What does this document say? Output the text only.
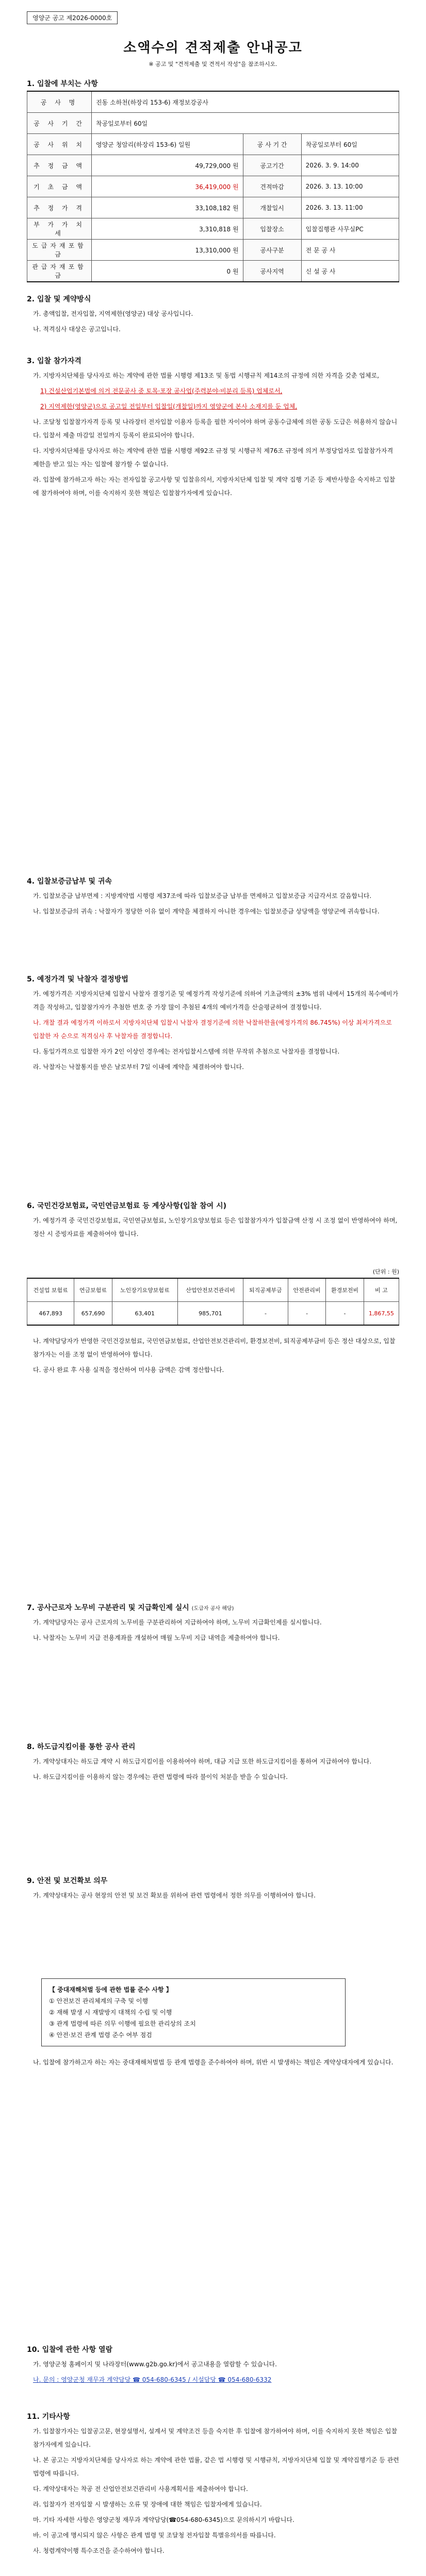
영양군 공고 제2026-0000호
소액수의 견적제출 안내공고
※ 공고 및 "견적제출 및 견적서 작성"을 참조하시오.
1. 입찰에 부치는 사항
공 사 명	진동 소하천(하장리 153-6) 재정보강공사		
공 사 기 간	착공일로부터 60일		
공 사 위 치	영양군 청암리(하장리 153-6) 일원	공 사 기 간	착공일로부터 60일
추 정 금 액	49,729,000 원	공고기간	2026. 3. 9. 14:00
기 초 금 액	36,419,000 원	견적마감	2026. 3. 13. 10:00
추 정 가 격	33,108,182 원	개찰일시	2026. 3. 13. 11:00
부 가 가 치 세	3,310,818 원	입찰장소	입찰집행관 사무실PC
도급자재포함금	13,310,000 원	공사구분	전 문 공 사
관급자재포함금	0 원	공사지역	신 설 공 사
2. 입찰 및 계약방식

가. 총액입찰, 전자입찰, 지역제한(영양군) 대상 공사입니다.

나. 적격심사 대상은 공고입니다.

3. 입찰 참가자격

가. 지방자치단체를 당사자로 하는 계약에 관한 법률 시행령 제13조 및 동법 시행규칙 제14조의 규정에 의한 자격을 갖춘 업체로,

1) 건설산업기본법에 의거 전문공사 중 토목·포장 공사업(주력분야·비분리 등록) 업체로서,

2) 지역제한(영양군)으로 공고일 전일부터 입찰일(개찰일)까지 영양군에 본사 소재지를 둔 업체,

나. 조달청 입찰참가자격 등록 및 나라장터 전자입찰 이용자 등록을 필한 자이어야 하며 공동수급체에 의한 공동 도급은 허용하지 않습니다. 입찰서 제출 마감일 전일까지 등록이 완료되어야 합니다.

다. 지방자치단체를 당사자로 하는 계약에 관한 법률 시행령 제92조 규정 및 시행규칙 제76조 규정에 의거 부정당업자로 입찰참가자격 제한을 받고 있는 자는 입찰에 참가할 수 없습니다.

라. 입찰에 참가하고자 하는 자는 전자입찰 공고사항 및 입찰유의서, 지방자치단체 입찰 및 계약 집행 기준 등 제반사항을 숙지하고 입찰에 참가하여야 하며, 이를 숙지하지 못한 책임은 입찰참가자에게 있습니다.

4. 입찰보증금납부 및 귀속

가. 입찰보증금 납부면제 : 지방계약법 시행령 제37조에 따라 입찰보증금 납부를 면제하고 입찰보증금 지급각서로 갈음합니다.

나. 입찰보증금의 귀속 : 낙찰자가 정당한 이유 없이 계약을 체결하지 아니한 경우에는 입찰보증금 상당액을 영양군에 귀속합니다.

5. 예정가격 및 낙찰자 결정방법

가. 예정가격은 지방자치단체 입찰시 낙찰자 결정기준 및 예정가격 작성기준에 의하여 기초금액의 ±3% 범위 내에서 15개의 복수예비가격을 작성하고, 입찰참가자가 추첨한 번호 중 가장 많이 추첨된 4개의 예비가격을 산술평균하여 결정합니다.

나. 개찰 결과 예정가격 이하로서 지방자치단체 입찰시 낙찰자 결정기준에 의한 낙찰하한율(예정가격의 86.745%) 이상 최저가격으로 입찰한 자 순으로 적격심사 후 낙찰자를 결정합니다.

다. 동일가격으로 입찰한 자가 2인 이상인 경우에는 전자입찰시스템에 의한 무작위 추첨으로 낙찰자를 결정합니다.

라. 낙찰자는 낙찰통지를 받은 날로부터 7일 이내에 계약을 체결하여야 합니다.

6. 국민건강보험료, 국민연금보험료 등 계상사항(입찰 참여 시)

가. 예정가격 중 국민건강보험료, 국민연금보험료, 노인장기요양보험료 등은 입찰참가자가 입찰금액 산정 시 조정 없이 반영하여야 하며, 정산 시 증빙자료를 제출하여야 합니다.

(단위 : 원)
건설업 보험료	연금보험료	노인장기요양보험료	산업안전보건관리비	퇴직공제부금	안전관리비	환경보전비	비 고
467,893	657,690	63,401	985,701	-	-	-	1,867,55

나. 계약담당자가 반영한 국민건강보험료, 국민연금보험료, 산업안전보건관리비, 환경보전비, 퇴직공제부금비 등은 정산 대상으로, 입찰참가자는 이를 조정 없이 반영하여야 합니다.

다. 공사 완료 후 사용 실적을 정산하여 미사용 금액은 감액 정산합니다.

7. 공사근로자 노무비 구분관리 및 지급확인제 실시 (도급자 공사 해당)

가. 계약담당자는 공사 근로자의 노무비를 구분관리하여 지급하여야 하며, 노무비 지급확인제를 실시합니다.

나. 낙찰자는 노무비 지급 전용계좌를 개설하여 매월 노무비 지급 내역을 제출하여야 합니다.

8. 하도급지킴이를 통한 공사 관리

가. 계약상대자는 하도급 계약 시 하도급지킴이를 이용하여야 하며, 대금 지급 또한 하도급지킴이를 통하여 지급하여야 합니다.

나. 하도급지킴이를 이용하지 않는 경우에는 관련 법령에 따라 불이익 처분을 받을 수 있습니다.

9. 안전 및 보건확보 의무

가. 계약상대자는 공사 현장의 안전 및 보건 확보를 위하여 관련 법령에서 정한 의무를 이행하여야 합니다.

【 중대재해처벌 등에 관한 법률 준수 사항 】
① 안전보건 관리체계의 구축 및 이행
② 재해 발생 시 재발방지 대책의 수립 및 이행
③ 관계 법령에 따른 의무 이행에 필요한 관리상의 조치
④ 안전·보건 관계 법령 준수 여부 점검

나. 입찰에 참가하고자 하는 자는 중대재해처벌법 등 관계 법령을 준수하여야 하며, 위반 시 발생하는 책임은 계약상대자에게 있습니다.

10. 입찰에 관한 사항 열람

가. 영양군청 홈페이지 및 나라장터(www.g2b.go.kr)에서 공고내용을 열람할 수 있습니다.

나. 문의 : 영양군청 재무과 계약담당 ☎ 054-680-6345 / 시설담당 ☎ 054-680-6332

11. 기타사항

가. 입찰참가자는 입찰공고문, 현장설명서, 설계서 및 계약조건 등을 숙지한 후 입찰에 참가하여야 하며, 이를 숙지하지 못한 책임은 입찰참가자에게 있습니다.

나. 본 공고는 지방자치단체를 당사자로 하는 계약에 관한 법률, 같은 법 시행령 및 시행규칙, 지방자치단체 입찰 및 계약집행기준 등 관련 법령에 따릅니다.

다. 계약상대자는 착공 전 산업안전보건관리비 사용계획서를 제출하여야 합니다.

라. 입찰자가 전자입찰 시 발생하는 오류 및 장애에 대한 책임은 입찰자에게 있습니다.

마. 기타 자세한 사항은 영양군청 재무과 계약담당(☎054-680-6345)으로 문의하시기 바랍니다.

바. 이 공고에 명시되지 않은 사항은 관계 법령 및 조달청 전자입찰 특별유의서를 따릅니다.

사. 청렴계약이행 특수조건을 준수하여야 합니다.
